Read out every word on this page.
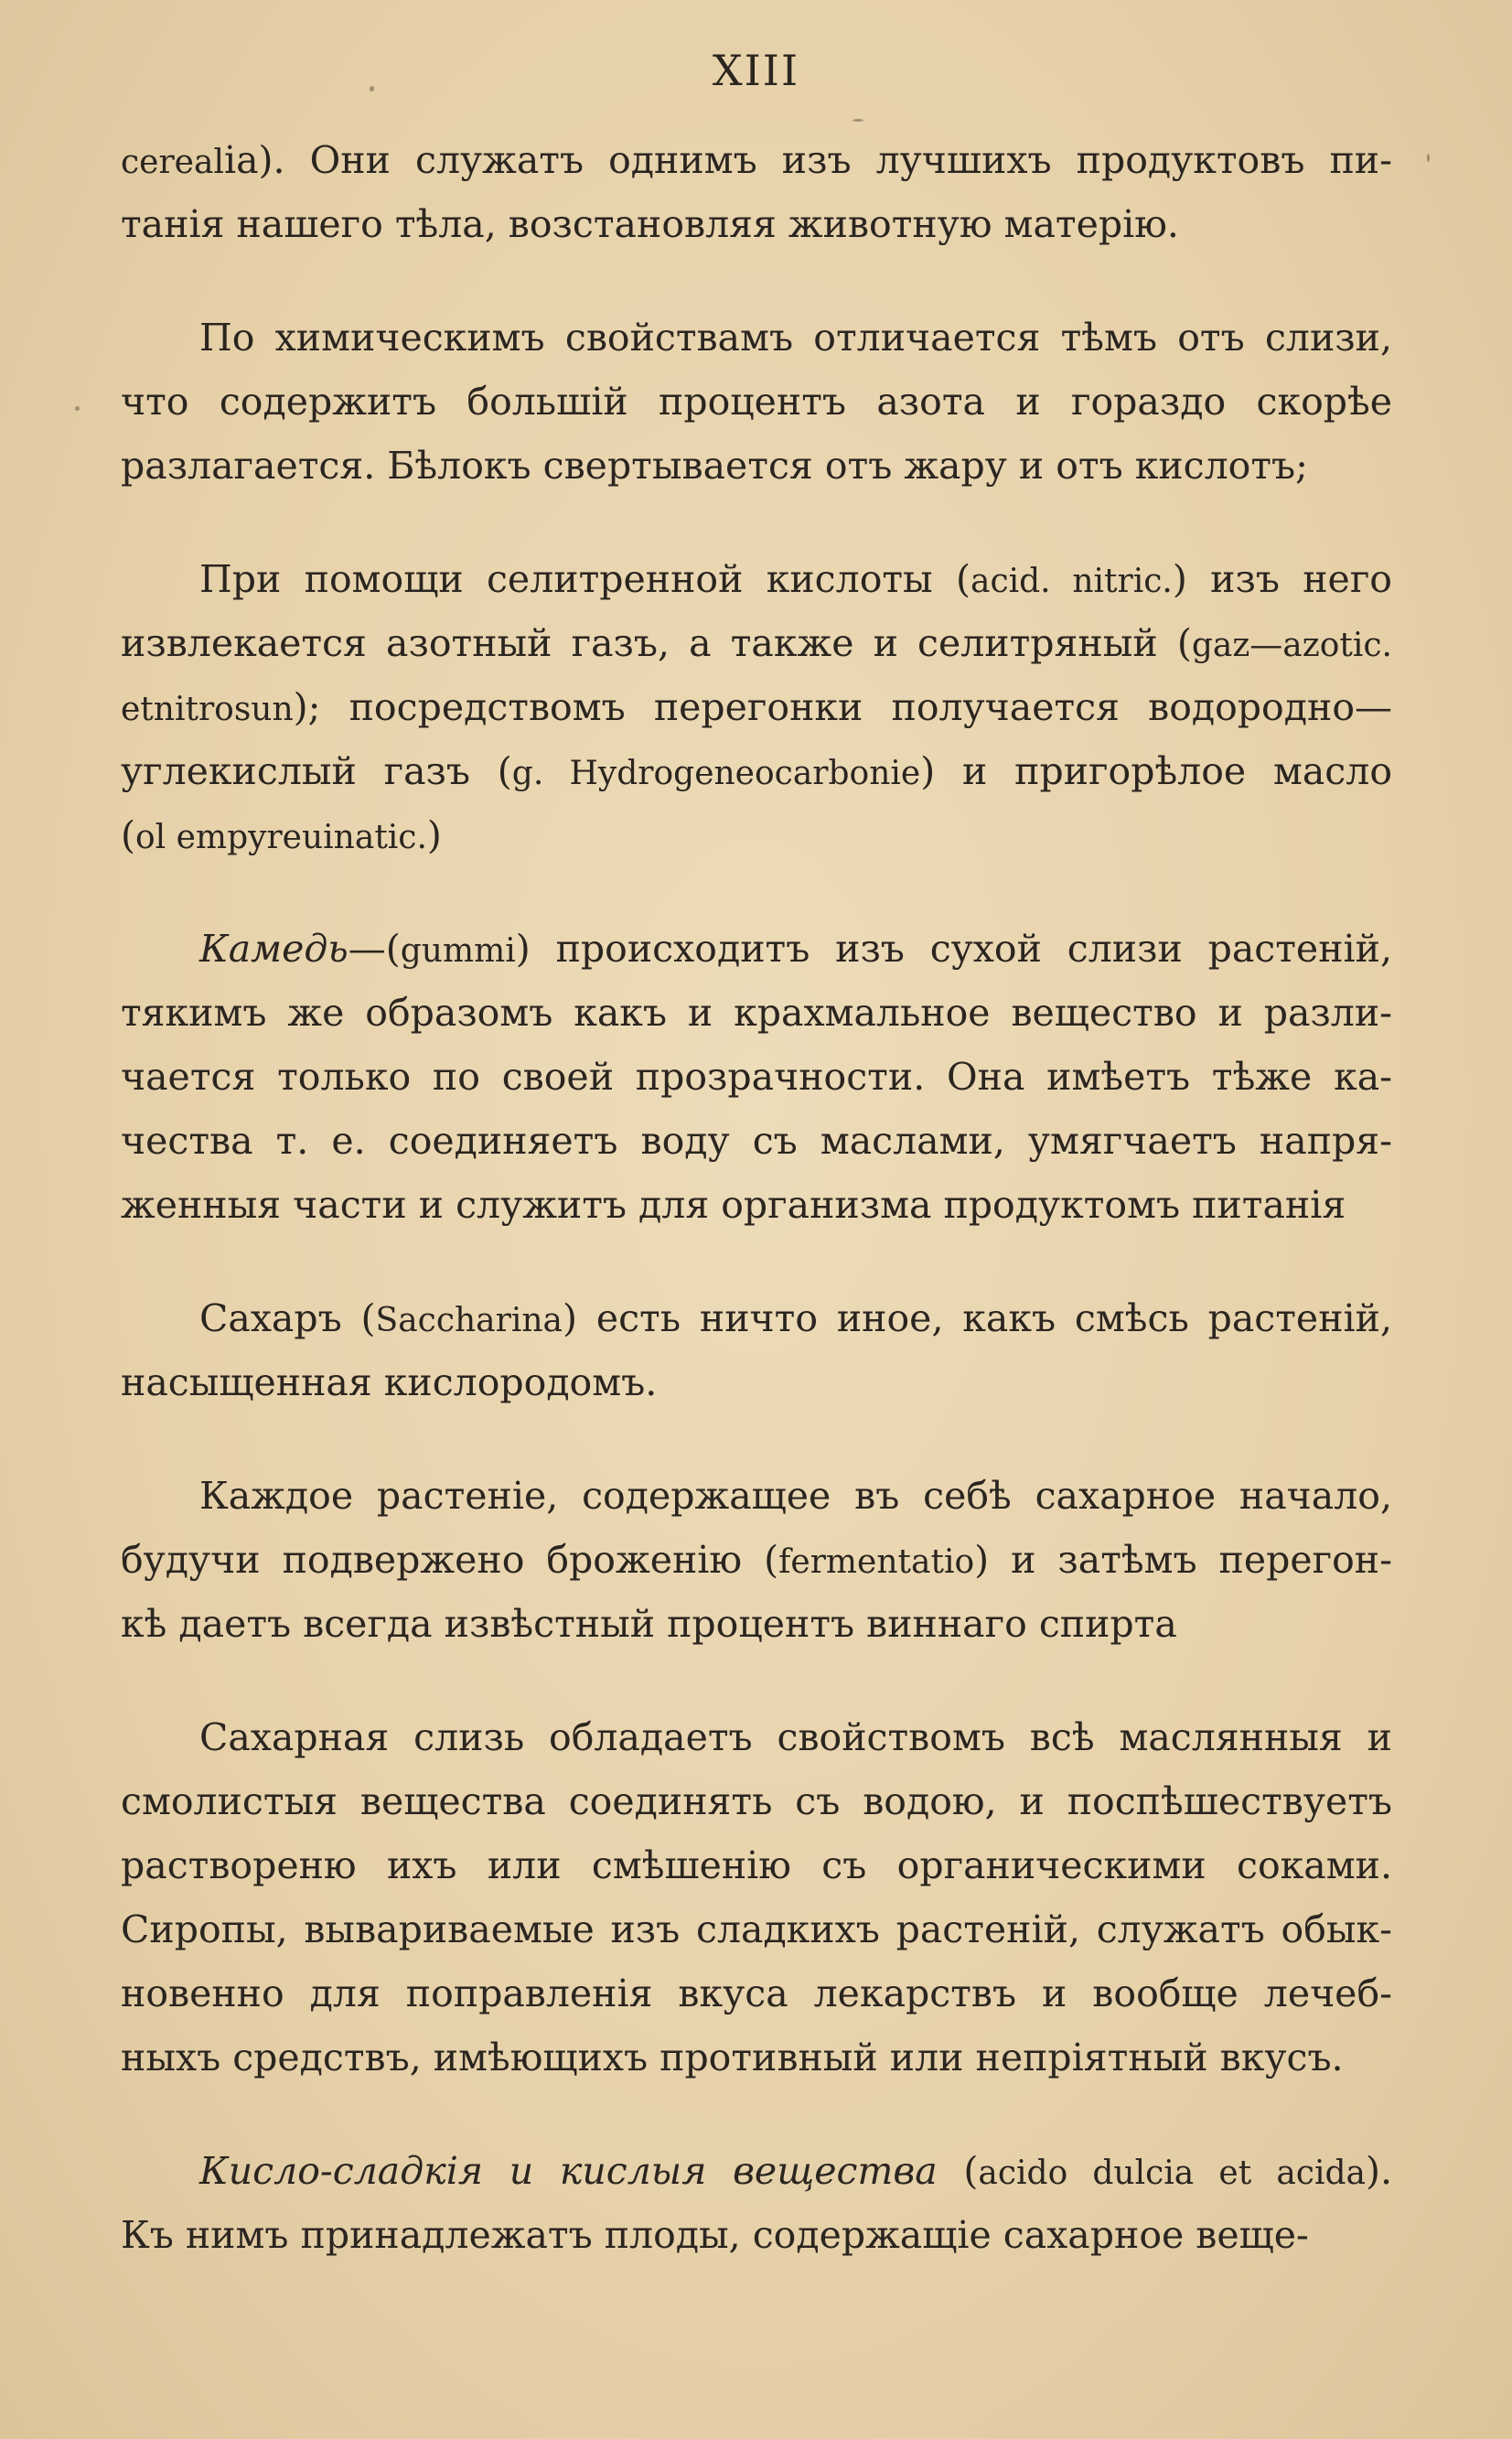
XIII
cerealia). Они служатъ однимъ изъ лучшихъ продуктовъ пи-
танія нашего тѣла, возстановляя животную матерію.
По химическимъ свойствамъ отличается тѣмъ отъ слизи,
что содержитъ большій процентъ азота и гораздо скорѣе
разлагается. Бѣлокъ свертывается отъ жару и отъ кислотъ;
При помощи селитренной кислоты (acid. nitric.) изъ него
извлекается азотный газъ, а также и селитряный (gaz—azotic.
etnitrosun); посредствомъ перегонки получается водородно—
углекислый газъ (g. Hydrogeneocarbonie) и пригорѣлое масло
(ol empyreuinatic.)
Камедь—(gummi) происходитъ изъ сухой слизи растеній,
тякимъ же образомъ какъ и крахмальное вещество и разли-
чается только по своей прозрачности. Она имѣетъ тѣже ка-
чества т. е. соединяетъ воду съ маслами, умягчаетъ напря-
женныя части и служитъ для организма продуктомъ питанія
Сахаръ (Saccharina) есть ничто иное, какъ смѣсь растеній,
насыщенная кислородомъ.
Каждое растеніе, содержащее въ себѣ сахарное начало,
будучи подвержено броженію (fermentatio) и затѣмъ перегон-
кѣ даетъ всегда извѣстный процентъ виннаго спирта
Сахарная слизь обладаетъ свойствомъ всѣ маслянныя и
смолистыя вещества соединять съ водою, и поспѣшествуетъ
раствореню ихъ или смѣшенію съ органическими соками.
Сиропы, вывариваемые изъ сладкихъ растеній, служатъ обык-
новенно для поправленія вкуса лекарствъ и вообще лечеб-
ныхъ средствъ, имѣющихъ противный или непріятный вкусъ.
Кисло-сладкія и кислыя вещества (acido dulcia et acida).
Къ нимъ принадлежатъ плоды, содержащіе сахарное веще-
